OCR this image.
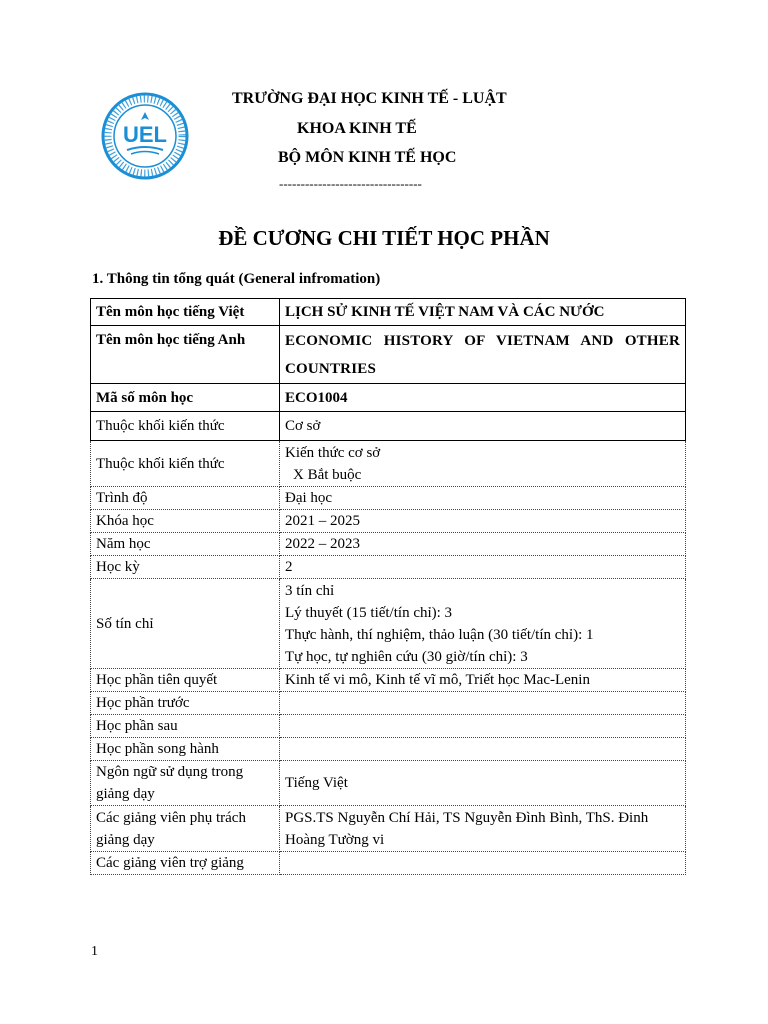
UEL
TRƯỜNG ĐẠI HỌC KINH TẾ - LUẬT
KHOA KINH TẾ
BỘ MÔN KINH TẾ HỌC
---------------------------------
ĐỀ CƯƠNG CHI TIẾT HỌC PHẦN
1. Thông tin tổng quát (General infromation)
Tên môn học tiếng Việt	LỊCH SỬ KINH TẾ VIỆT NAM VÀ CÁC NƯỚC
Tên môn học tiếng Anh	ECONOMIC HISTORY OF VIETNAM AND OTHER
COUNTRIES

Mã số môn học	ECO1004
Thuộc khối kiến thức	Cơ sở
Thuộc khối kiến thức	Kiến thức cơ sở
X Bắt buộc

Trình độ	Đại học
Khóa học	2021 – 2025
Năm học	2022 – 2023
Học kỳ	2
Số tín chỉ	3 tín chỉ
Lý thuyết (15 tiết/tín chỉ): 3
Thực hành, thí nghiệm, thảo luận (30 tiết/tín chỉ): 1
Tự học, tự nghiên cứu (30 giờ/tín chỉ): 3

Học phần tiên quyết	Kinh tế vi mô, Kinh tế vĩ mô, Triết học Mac-Lenin
Học phần trước	
Học phần sau	
Học phần song hành	
Ngôn ngữ sử dụng trong giảng dạy	Tiếng Việt
Các giảng viên phụ trách giảng dạy	PGS.TS Nguyễn Chí Hải, TS Nguyễn Đình Bình, ThS. Đinh Hoàng Tường vi
Các giảng viên trợ giảng	
1
